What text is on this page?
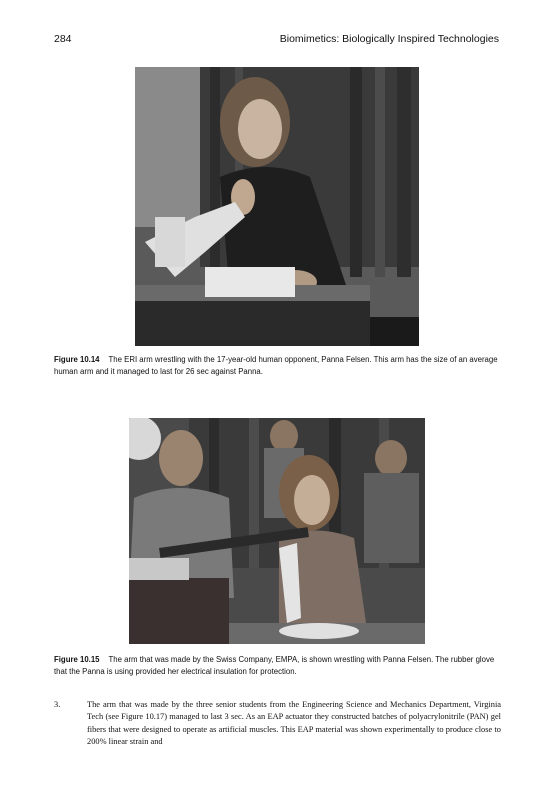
284	Biomimetics: Biologically Inspired Technologies
Figure 10.14 The ERI arm wrestling with the 17-year-old human opponent, Panna Felsen. This arm has the size of an average human arm and it managed to last for 26 sec against Panna.
Figure 10.15 The arm that was made by the Swiss Company, EMPA, is shown wrestling with Panna Felsen. The rubber glove that the Panna is using provided her electrical insulation for protection.
3.	The arm that was made by the three senior students from the Engineering Science and Mechanics Department, Virginia Tech (see Figure 10.17) managed to last 3 sec. As an EAP actuator they constructed batches of polyacrylonitrile (PAN) gel fibers that were designed to operate as artificial muscles. This EAP material was shown experimentally to produce close to 200% linear strain and
